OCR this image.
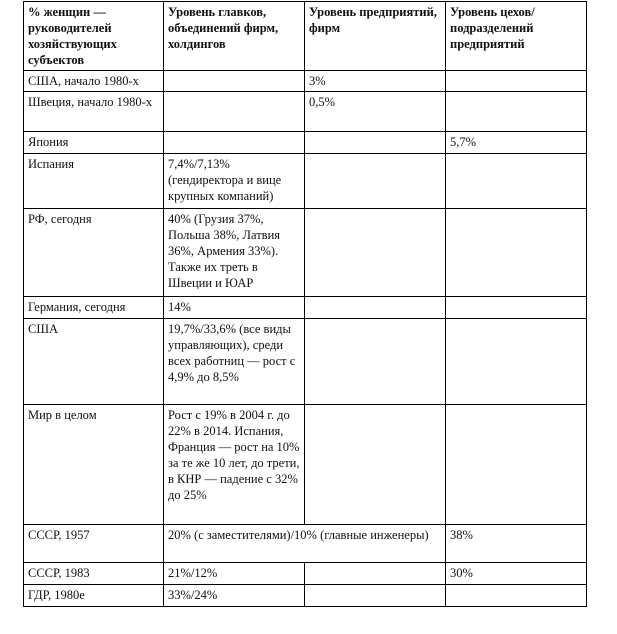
% женщин — руководителей хозяйствующих субъектов	Уровень главков, объединений фирм, холдингов	Уровень предприятий, фирм	Уровень цехов/подразделений предприятий
США, начало 1980-х		3%	
Швеция, начало 1980-х		0,5%	
Япония			5,7%
Испания	7,4%/7,13% (гендиректора и вице крупных компаний)		
РФ, сегодня	40% (Грузия 37%, Польша 38%, Латвия 36%, Армения 33%). Также их треть в Швеции и ЮАР		
Германия, сегодня	14%		
США	19,7%/33,6% (все виды управляющих), среди всех работниц — рост с 4,9% до 8,5%		
Мир в целом	Рост с 19% в 2004 г. до 22% в 2014. Испания, Франция — рост на 10% за те же 10 лет, до трети, в КНР — падение с 32% до 25%		
СССР, 1957	20% (с заместителями)/10% (главные инженеры)		38%
СССР, 1983	21%/12%		30%
ГДР, 1980е	33%/24%		
